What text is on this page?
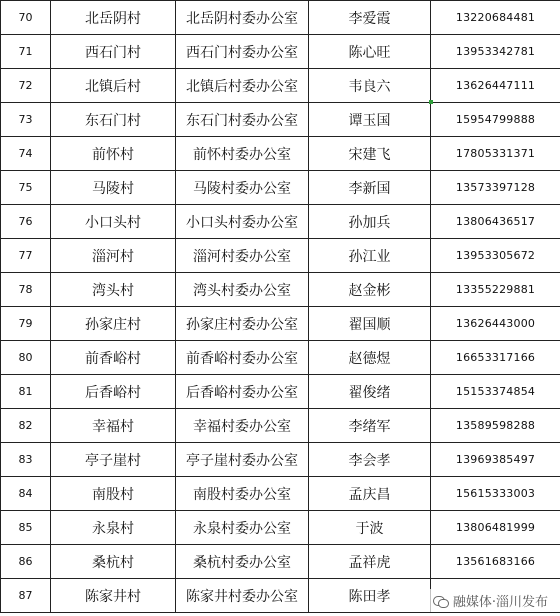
70	北岳阴村	北岳阴村委办公室	李爱霞	13220684481
71	西石门村	西石门村委办公室	陈心旺	13953342781
72	北镇后村	北镇后村委办公室	韦良六	13626447111
73	东石门村	东石门村委办公室	谭玉国	15954799888
74	前怀村	前怀村委办公室	宋建飞	17805331371
75	马陵村	马陵村委办公室	李新国	13573397128
76	小口头村	小口头村委办公室	孙加兵	13806436517
77	淄河村	淄河村委办公室	孙江业	13953305672
78	湾头村	湾头村委办公室	赵金彬	13355229881
79	孙家庄村	孙家庄村委办公室	翟国顺	13626443000
80	前香峪村	前香峪村委办公室	赵德煜	16653317166
81	后香峪村	后香峪村委办公室	翟俊绪	15153374854
82	幸福村	幸福村委办公室	李绪军	13589598288
83	亭子崖村	亭子崖村委办公室	李会孝	13969385497
84	南股村	南股村委办公室	孟庆昌	15615333003
85	永泉村	永泉村委办公室	于波	13806481999
86	桑杭村	桑杭村委办公室	孟祥虎	13561683166
87	陈家井村	陈家井村委办公室	陈田孝		融媒体·淄川发布
